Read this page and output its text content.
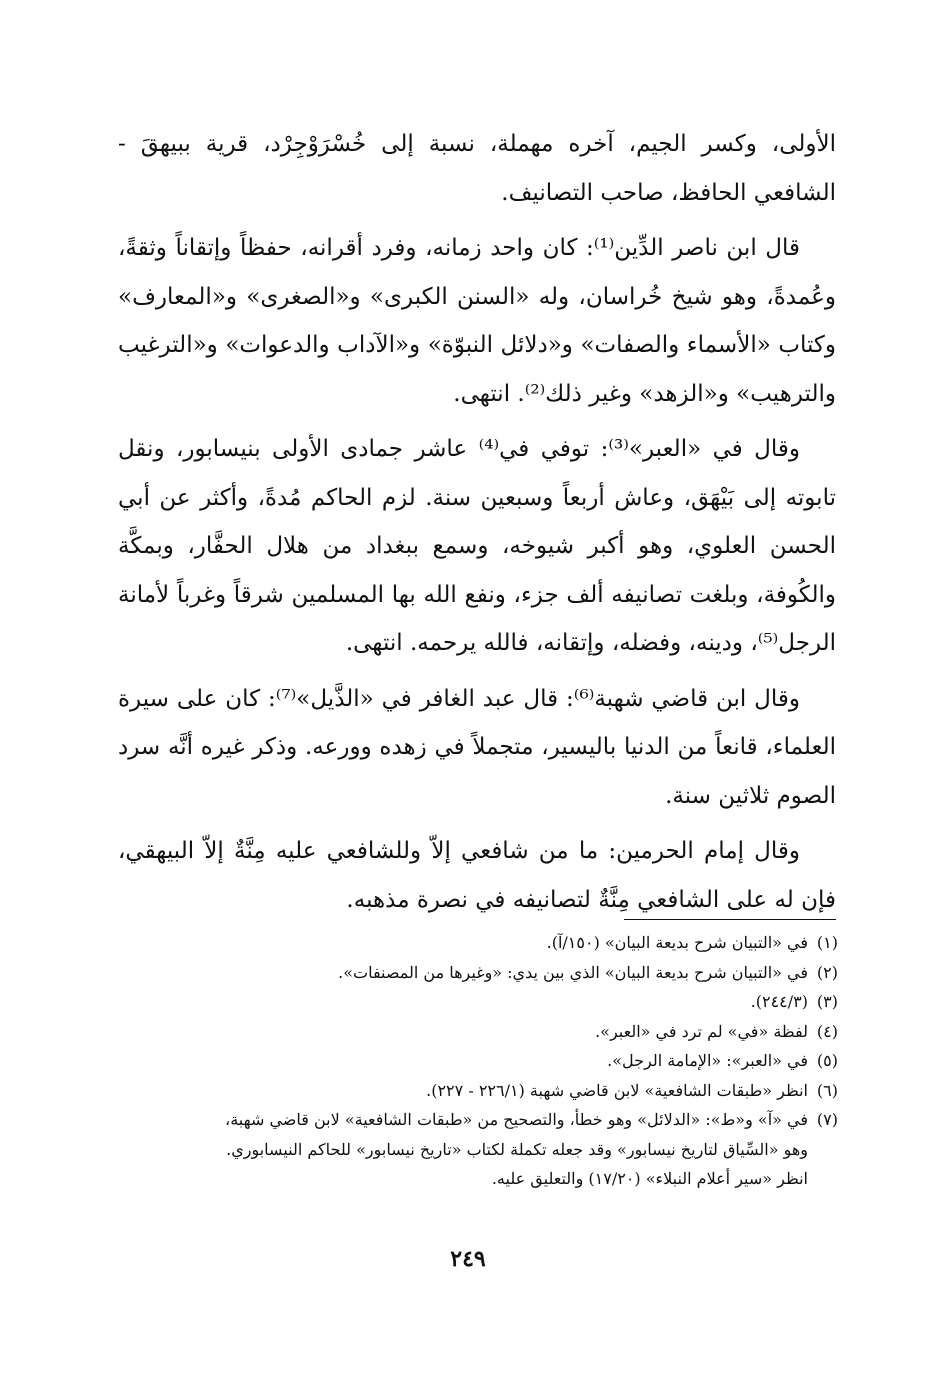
الأولى، وكسر الجيم، آخره مهملة، نسبة إلى خُسْرَوْجِرْد، قرية ببيهقَ - الشافعي الحافظ، صاحب التصانيف.

قال ابن ناصر الدِّين⁽¹⁾: كان واحد زمانه، وفرد أقرانه، حفظاً وإتقاناً وثقةً، وعُمدةً، وهو شيخ خُراسان، وله «السنن الكبرى» و«الصغرى» و«المعارف» وكتاب «الأسماء والصفات» و«دلائل النبوّة» و«الآداب والدعوات» و«الترغيب والترهيب» و«الزهد» وغير ذلك⁽²⁾. انتهى.

وقال في «العبر»⁽³⁾: توفي في⁽⁴⁾ عاشر جمادى الأولى بنيسابور، ونقل تابوته إلى بَيْهَق، وعاش أربعاً وسبعين سنة. لزم الحاكم مُدةً، وأكثر عن أبي الحسن العلوي، وهو أكبر شيوخه، وسمع ببغداد من هلال الحفَّار، وبمكَّة والكُوفة، وبلغت تصانيفه ألف جزء، ونفع الله بها المسلمين شرقاً وغرباً لأمانة الرجل⁽⁵⁾، ودينه، وفضله، وإتقانه، فالله يرحمه. انتهى.

وقال ابن قاضي شهبة⁽⁶⁾: قال عبد الغافر في «الذَّيل»⁽⁷⁾: كان على سيرة العلماء، قانعاً من الدنيا باليسير، متجملاً في زهده وورعه. وذكر غيره أنَّه سرد الصوم ثلاثين سنة.

وقال إمام الحرمين: ما من شافعي إلاّ وللشافعي عليه مِنَّةٌ إلاّ البيهقي، فإن له على الشافعي مِنَّةٌ لتصانيفه في نصرة مذهبه.

(١)في «التبيان شرح بديعة البيان» (١٥٠/آ).

(٢)في «التبيان شرح بديعة البيان» الذي بين يدي: «وغيرها من المصنفات».

(٣)(٢٤٤/٣).

(٤)لفظة «في» لم ترد في «العبر».

(٥)في «العبر»: «الإمامة الرجل».

(٦)انظر «طبقات الشافعية» لابن قاضي شهبة (٢٢٦/١ - ٢٢٧).

(٧)في «آ» و«ط»: «الدلائل» وهو خطأ، والتصحيح من «طبقات الشافعية» لابن قاضي شهبة،
وهو «السِّياق لتاريخ نيسابور» وقد جعله تكملة لكتاب «تاريخ نيسابور» للحاكم النيسابوري.
انظر «سير أعلام النبلاء» (١٧/٢٠) والتعليق عليه.

٢٤٩
